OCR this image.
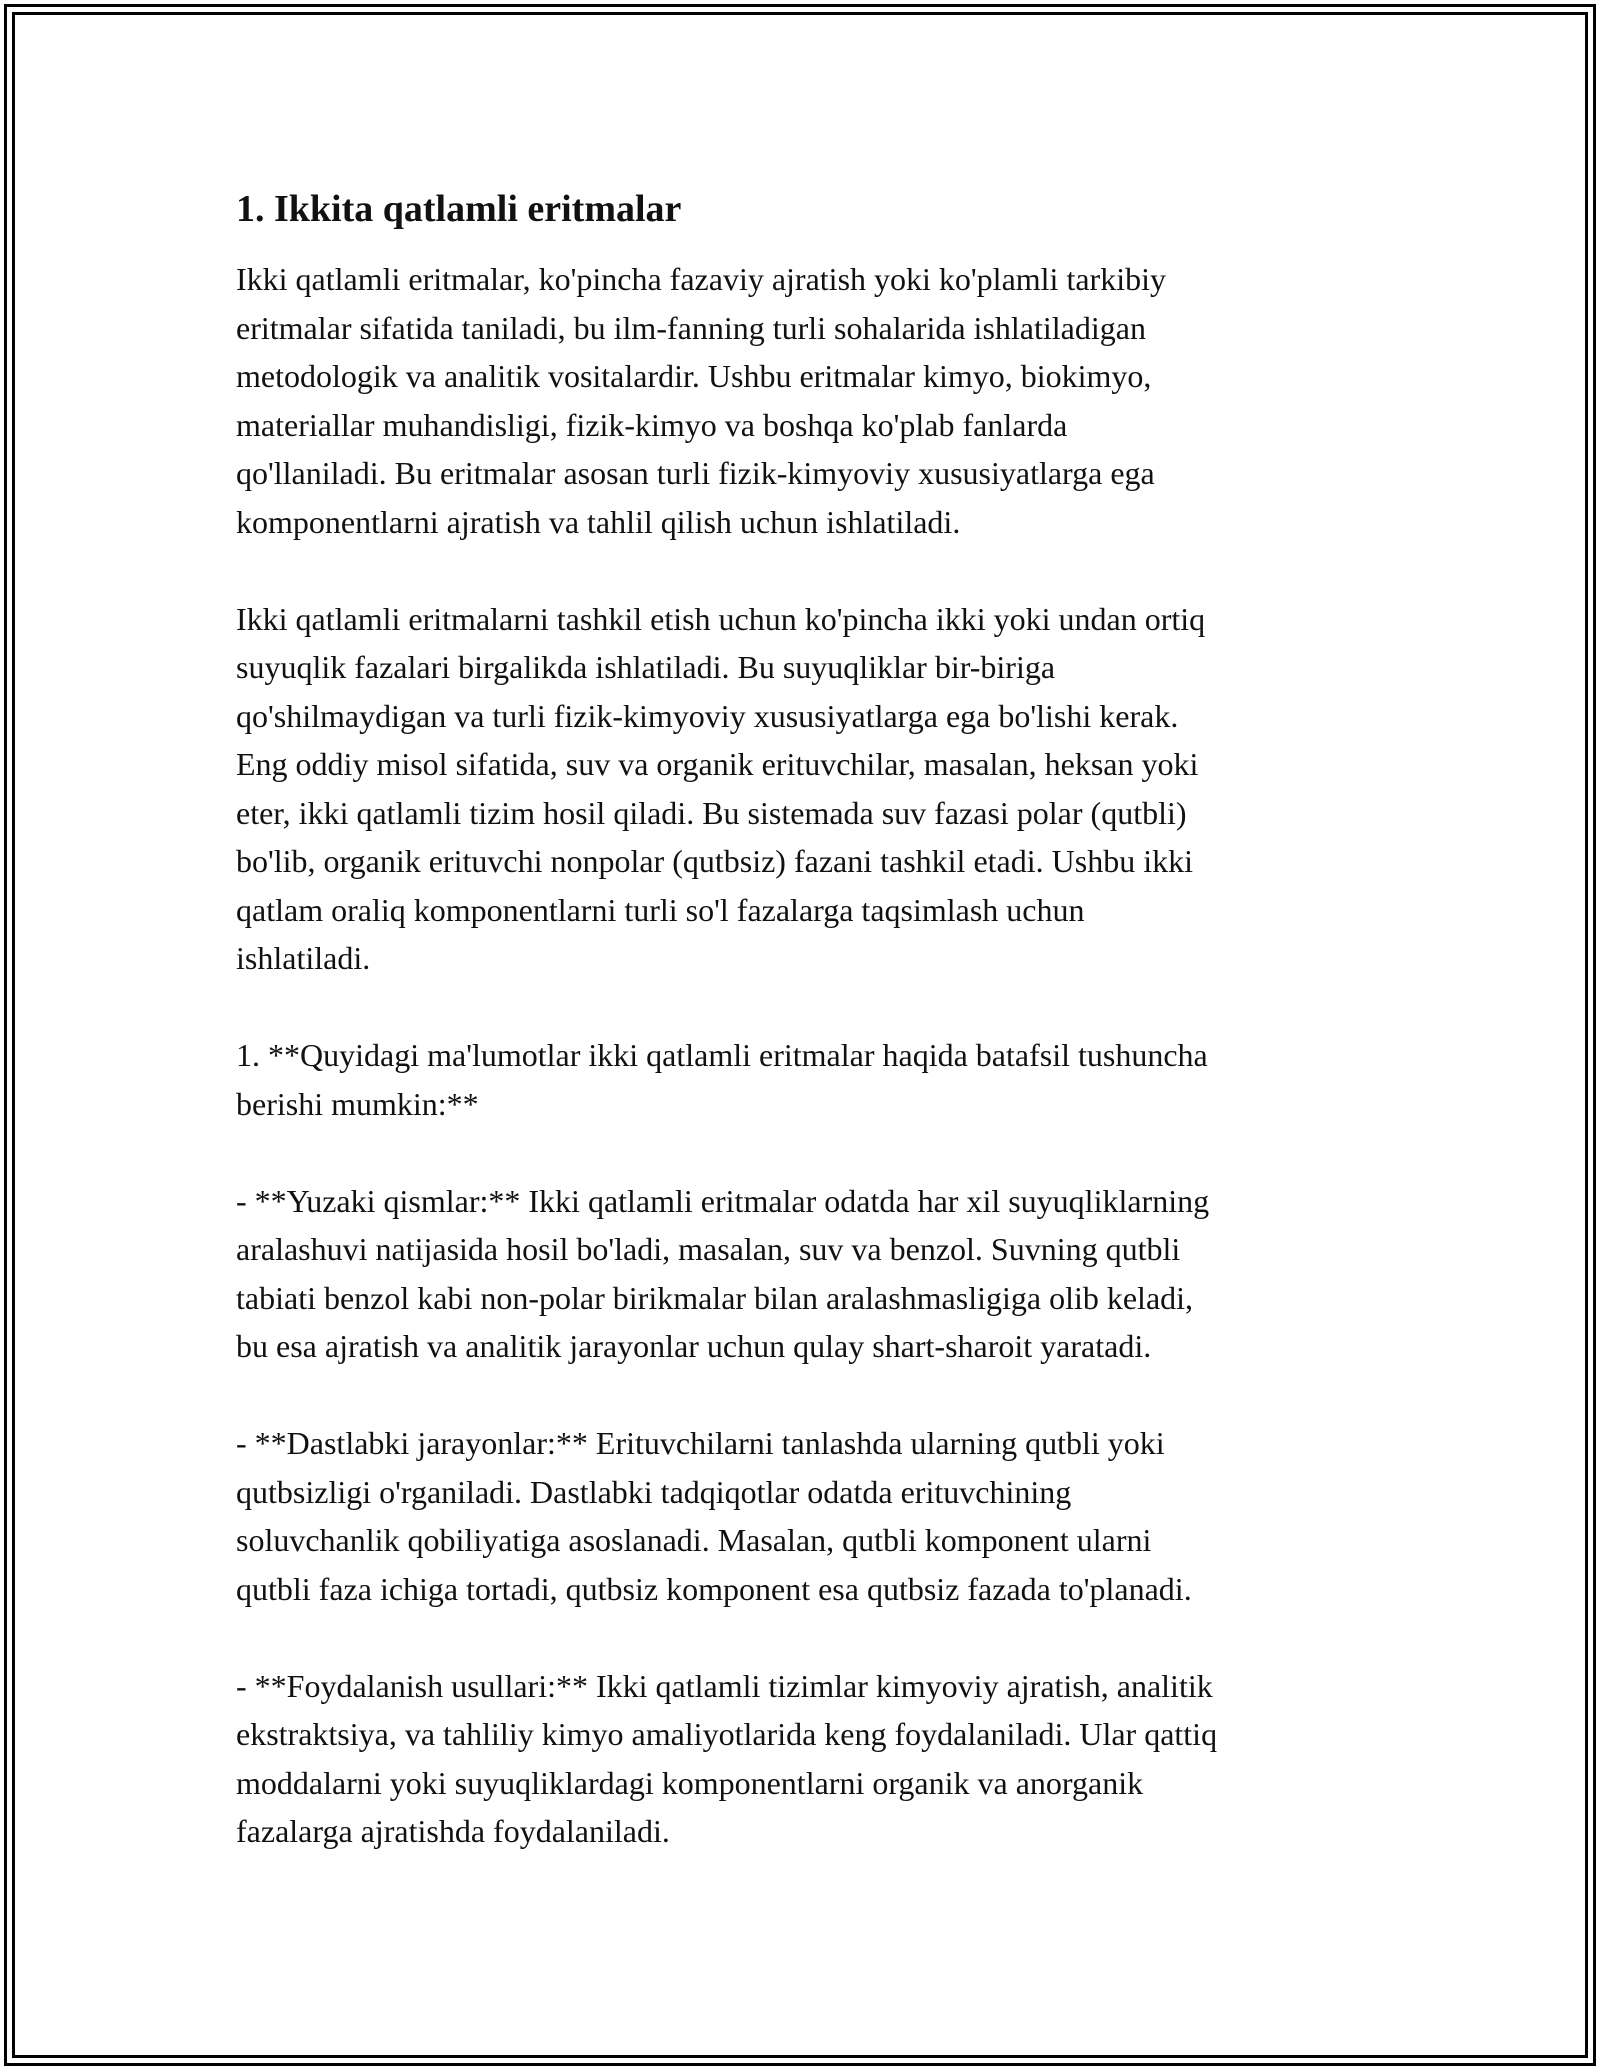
1. Ikkita qatlamli eritmalar

Ikki qatlamli eritmalar, ko'pincha fazaviy ajratish yoki ko'plamli tarkibiy
eritmalar sifatida taniladi, bu ilm-fanning turli sohalarida ishlatiladigan
metodologik va analitik vositalardir. Ushbu eritmalar kimyo, biokimyo,
materiallar muhandisligi, fizik-kimyo va boshqa ko'plab fanlarda
qo'llaniladi. Bu eritmalar asosan turli fizik-kimyoviy xususiyatlarga ega
komponentlarni ajratish va tahlil qilish uchun ishlatiladi.

Ikki qatlamli eritmalarni tashkil etish uchun ko'pincha ikki yoki undan ortiq
suyuqlik fazalari birgalikda ishlatiladi. Bu suyuqliklar bir-biriga
qo'shilmaydigan va turli fizik-kimyoviy xususiyatlarga ega bo'lishi kerak.
Eng oddiy misol sifatida, suv va organik erituvchilar, masalan, heksan yoki
eter, ikki qatlamli tizim hosil qiladi. Bu sistemada suv fazasi polar (qutbli)
bo'lib, organik erituvchi nonpolar (qutbsiz) fazani tashkil etadi. Ushbu ikki
qatlam oraliq komponentlarni turli so'l fazalarga taqsimlash uchun
ishlatiladi.

1. **Quyidagi ma'lumotlar ikki qatlamli eritmalar haqida batafsil tushuncha
berishi mumkin:**

- **Yuzaki qismlar:** Ikki qatlamli eritmalar odatda har xil suyuqliklarning
aralashuvi natijasida hosil bo'ladi, masalan, suv va benzol. Suvning qutbli
tabiati benzol kabi non-polar birikmalar bilan aralashmasligiga olib keladi,
bu esa ajratish va analitik jarayonlar uchun qulay shart-sharoit yaratadi.

- **Dastlabki jarayonlar:** Erituvchilarni tanlashda ularning qutbli yoki
qutbsizligi o'rganiladi. Dastlabki tadqiqotlar odatda erituvchining
soluvchanlik qobiliyatiga asoslanadi. Masalan, qutbli komponent ularni
qutbli faza ichiga tortadi, qutbsiz komponent esa qutbsiz fazada to'planadi.

- **Foydalanish usullari:** Ikki qatlamli tizimlar kimyoviy ajratish, analitik
ekstraktsiya, va tahliliy kimyo amaliyotlarida keng foydalaniladi. Ular qattiq
moddalarni yoki suyuqliklardagi komponentlarni organik va anorganik
fazalarga ajratishda foydalaniladi.
